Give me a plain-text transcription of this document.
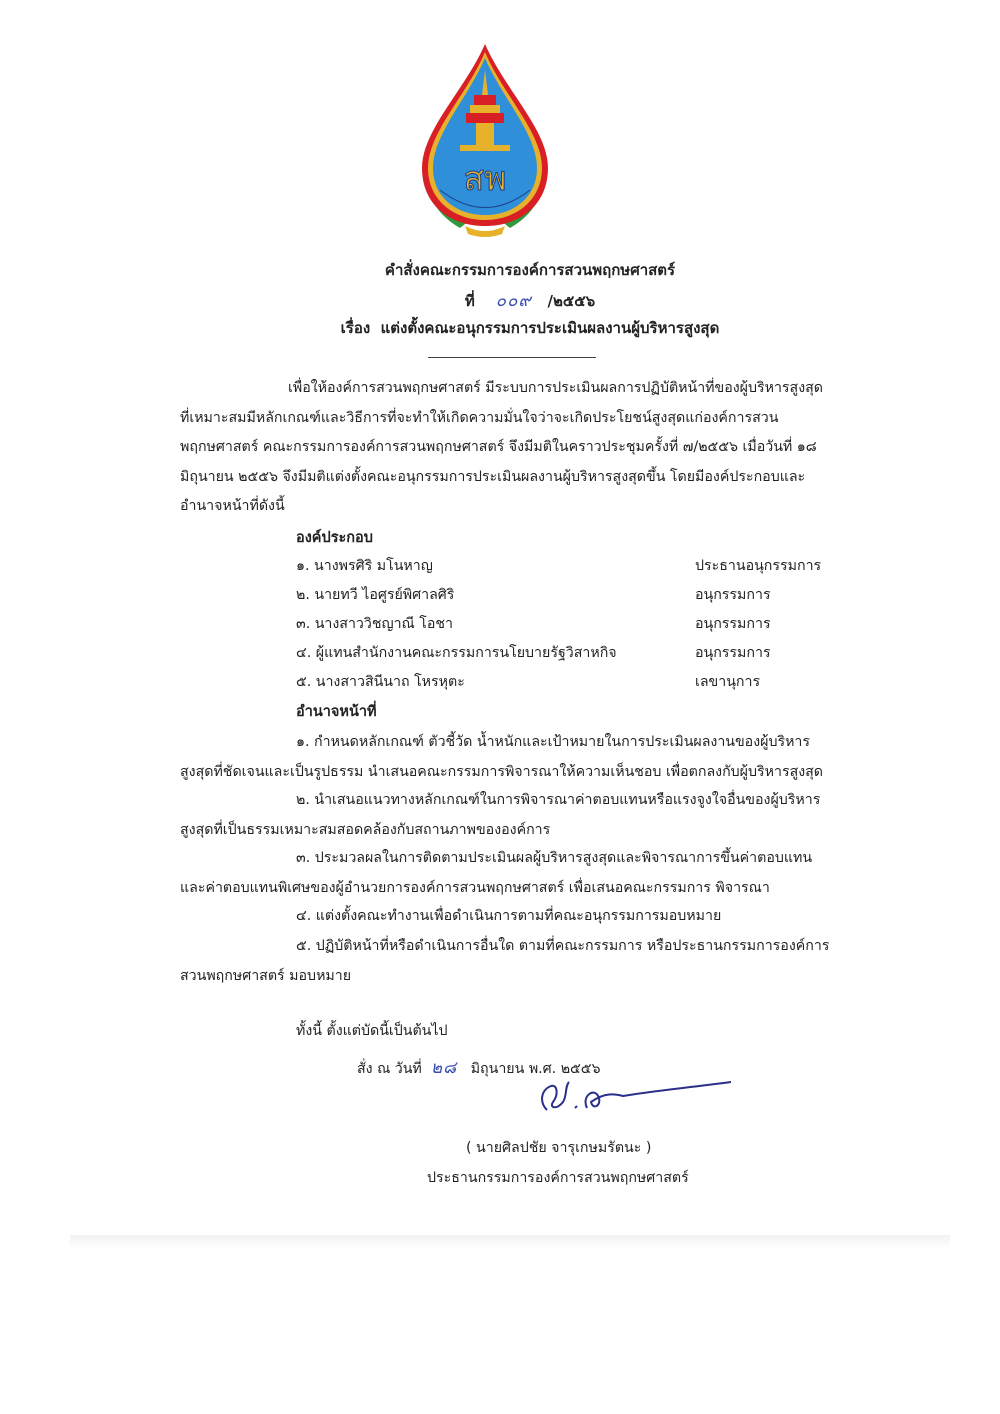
สพ
คำสั่งคณะกรรมการองค์การสวนพฤกษศาสตร์
ที่ ๐๐๙ /๒๕๕๖
เรื่อง แต่งตั้งคณะอนุกรรมการประเมินผลงานผู้บริหารสูงสุด
เพื่อให้องค์การสวนพฤกษศาสตร์ มีระบบการประเมินผลการปฏิบัติหน้าที่ของผู้บริหารสูงสุด
ที่เหมาะสมมีหลักเกณฑ์และวิธีการที่จะทำให้เกิดความมั่นใจว่าจะเกิดประโยชน์สูงสุดแก่องค์การสวน
พฤกษศาสตร์ คณะกรรมการองค์การสวนพฤกษศาสตร์ จึงมีมติในคราวประชุมครั้งที่ ๗/๒๕๕๖ เมื่อวันที่ ๑๘
มิถุนายน ๒๕๕๖ จึงมีมติแต่งตั้งคณะอนุกรรมการประเมินผลงานผู้บริหารสูงสุดขึ้น โดยมีองค์ประกอบและ
อำนาจหน้าที่ดังนี้
องค์ประกอบ
๑. นางพรศิริ มโนหาญ	ประธานอนุกรรมการ
๒. นายทวี ไอศูรย์พิศาลศิริ	อนุกรรมการ
๓. นางสาววิชญาณี โอชา	อนุกรรมการ
๔. ผู้แทนสำนักงานคณะกรรมการนโยบายรัฐวิสาหกิจ	อนุกรรมการ
๕. นางสาวสินีนาถ โหรหุตะ	เลขานุการ
อำนาจหน้าที่
๑. กำหนดหลักเกณฑ์ ตัวชี้วัด น้ำหนักและเป้าหมายในการประเมินผลงานของผู้บริหาร
สูงสุดที่ชัดเจนและเป็นรูปธรรม นำเสนอคณะกรรมการพิจารณาให้ความเห็นชอบ เพื่อตกลงกับผู้บริหารสูงสุด
๒. นำเสนอแนวทางหลักเกณฑ์ในการพิจารณาค่าตอบแทนหรือแรงจูงใจอื่นของผู้บริหาร
สูงสุดที่เป็นธรรมเหมาะสมสอดคล้องกับสถานภาพขององค์การ
๓. ประมวลผลในการติดตามประเมินผลผู้บริหารสูงสุดและพิจารณาการขึ้นค่าตอบแทน
และค่าตอบแทนพิเศษของผู้อำนวยการองค์การสวนพฤกษศาสตร์ เพื่อเสนอคณะกรรมการ พิจารณา
๔. แต่งตั้งคณะทำงานเพื่อดำเนินการตามที่คณะอนุกรรมการมอบหมาย
๕. ปฏิบัติหน้าที่หรือดำเนินการอื่นใด ตามที่คณะกรรมการ หรือประธานกรรมการองค์การ
สวนพฤกษศาสตร์ มอบหมาย
ทั้งนี้ ตั้งแต่บัดนี้เป็นต้นไป
สั่ง ณ วันที่ ๒๘ มิถุนายน พ.ศ. ๒๕๕๖
( นายศิลปชัย จารุเกษมรัตนะ )
ประธานกรรมการองค์การสวนพฤกษศาสตร์
